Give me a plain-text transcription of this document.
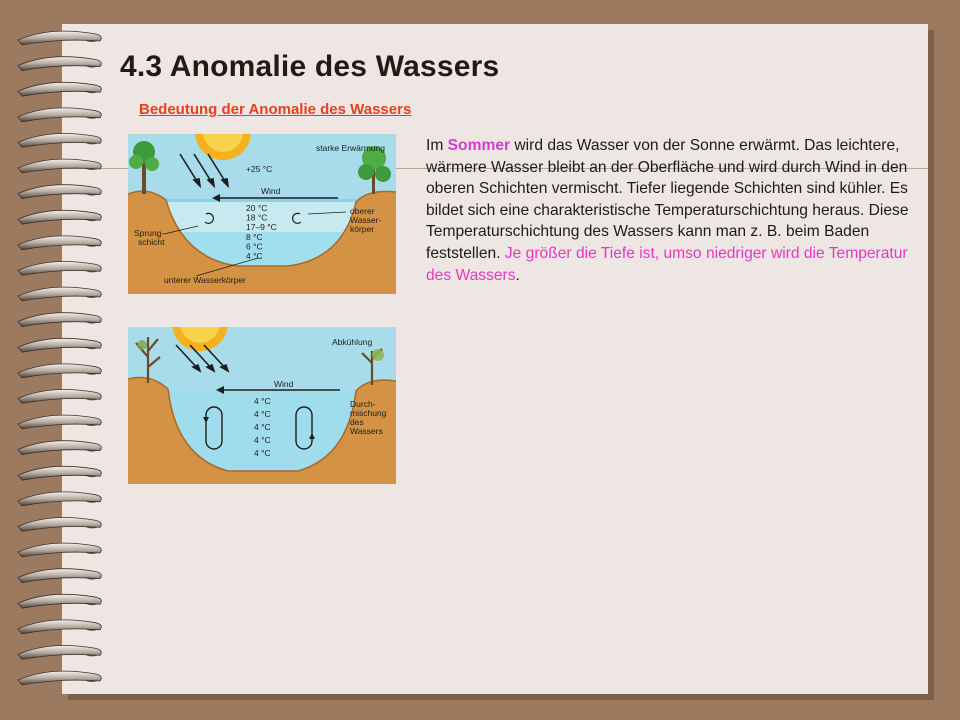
4.3 Anomalie des Wassers
Bedeutung der Anomalie des Wassers
starke Erwärmung
+25 °C
Wind
20 °C
18 °C
17–9 °C
8 °C
6 °C
4 °C
Sprung-
schicht
oberer
Wasser-
körper
unterer Wasserkörper
Abkühlung
Wind
4 °C
4 °C
4 °C
4 °C
4 °C
Durch-
mischung
des
Wassers

Im Sommer wird das Wasser von der Sonne erwärmt. Das leichtere, wärmere Wasser bleibt an der Oberfläche und wird durch Wind in den oberen Schichten vermischt. Tiefer liegende Schichten sind kühler. Es bildet sich eine charakteristische Temperaturschichtung heraus. Diese Temperaturschichtung des Wassers kann man z. B. beim Baden feststellen. Je größer die Tiefe ist, umso niedriger wird die Temperatur des Wassers.
